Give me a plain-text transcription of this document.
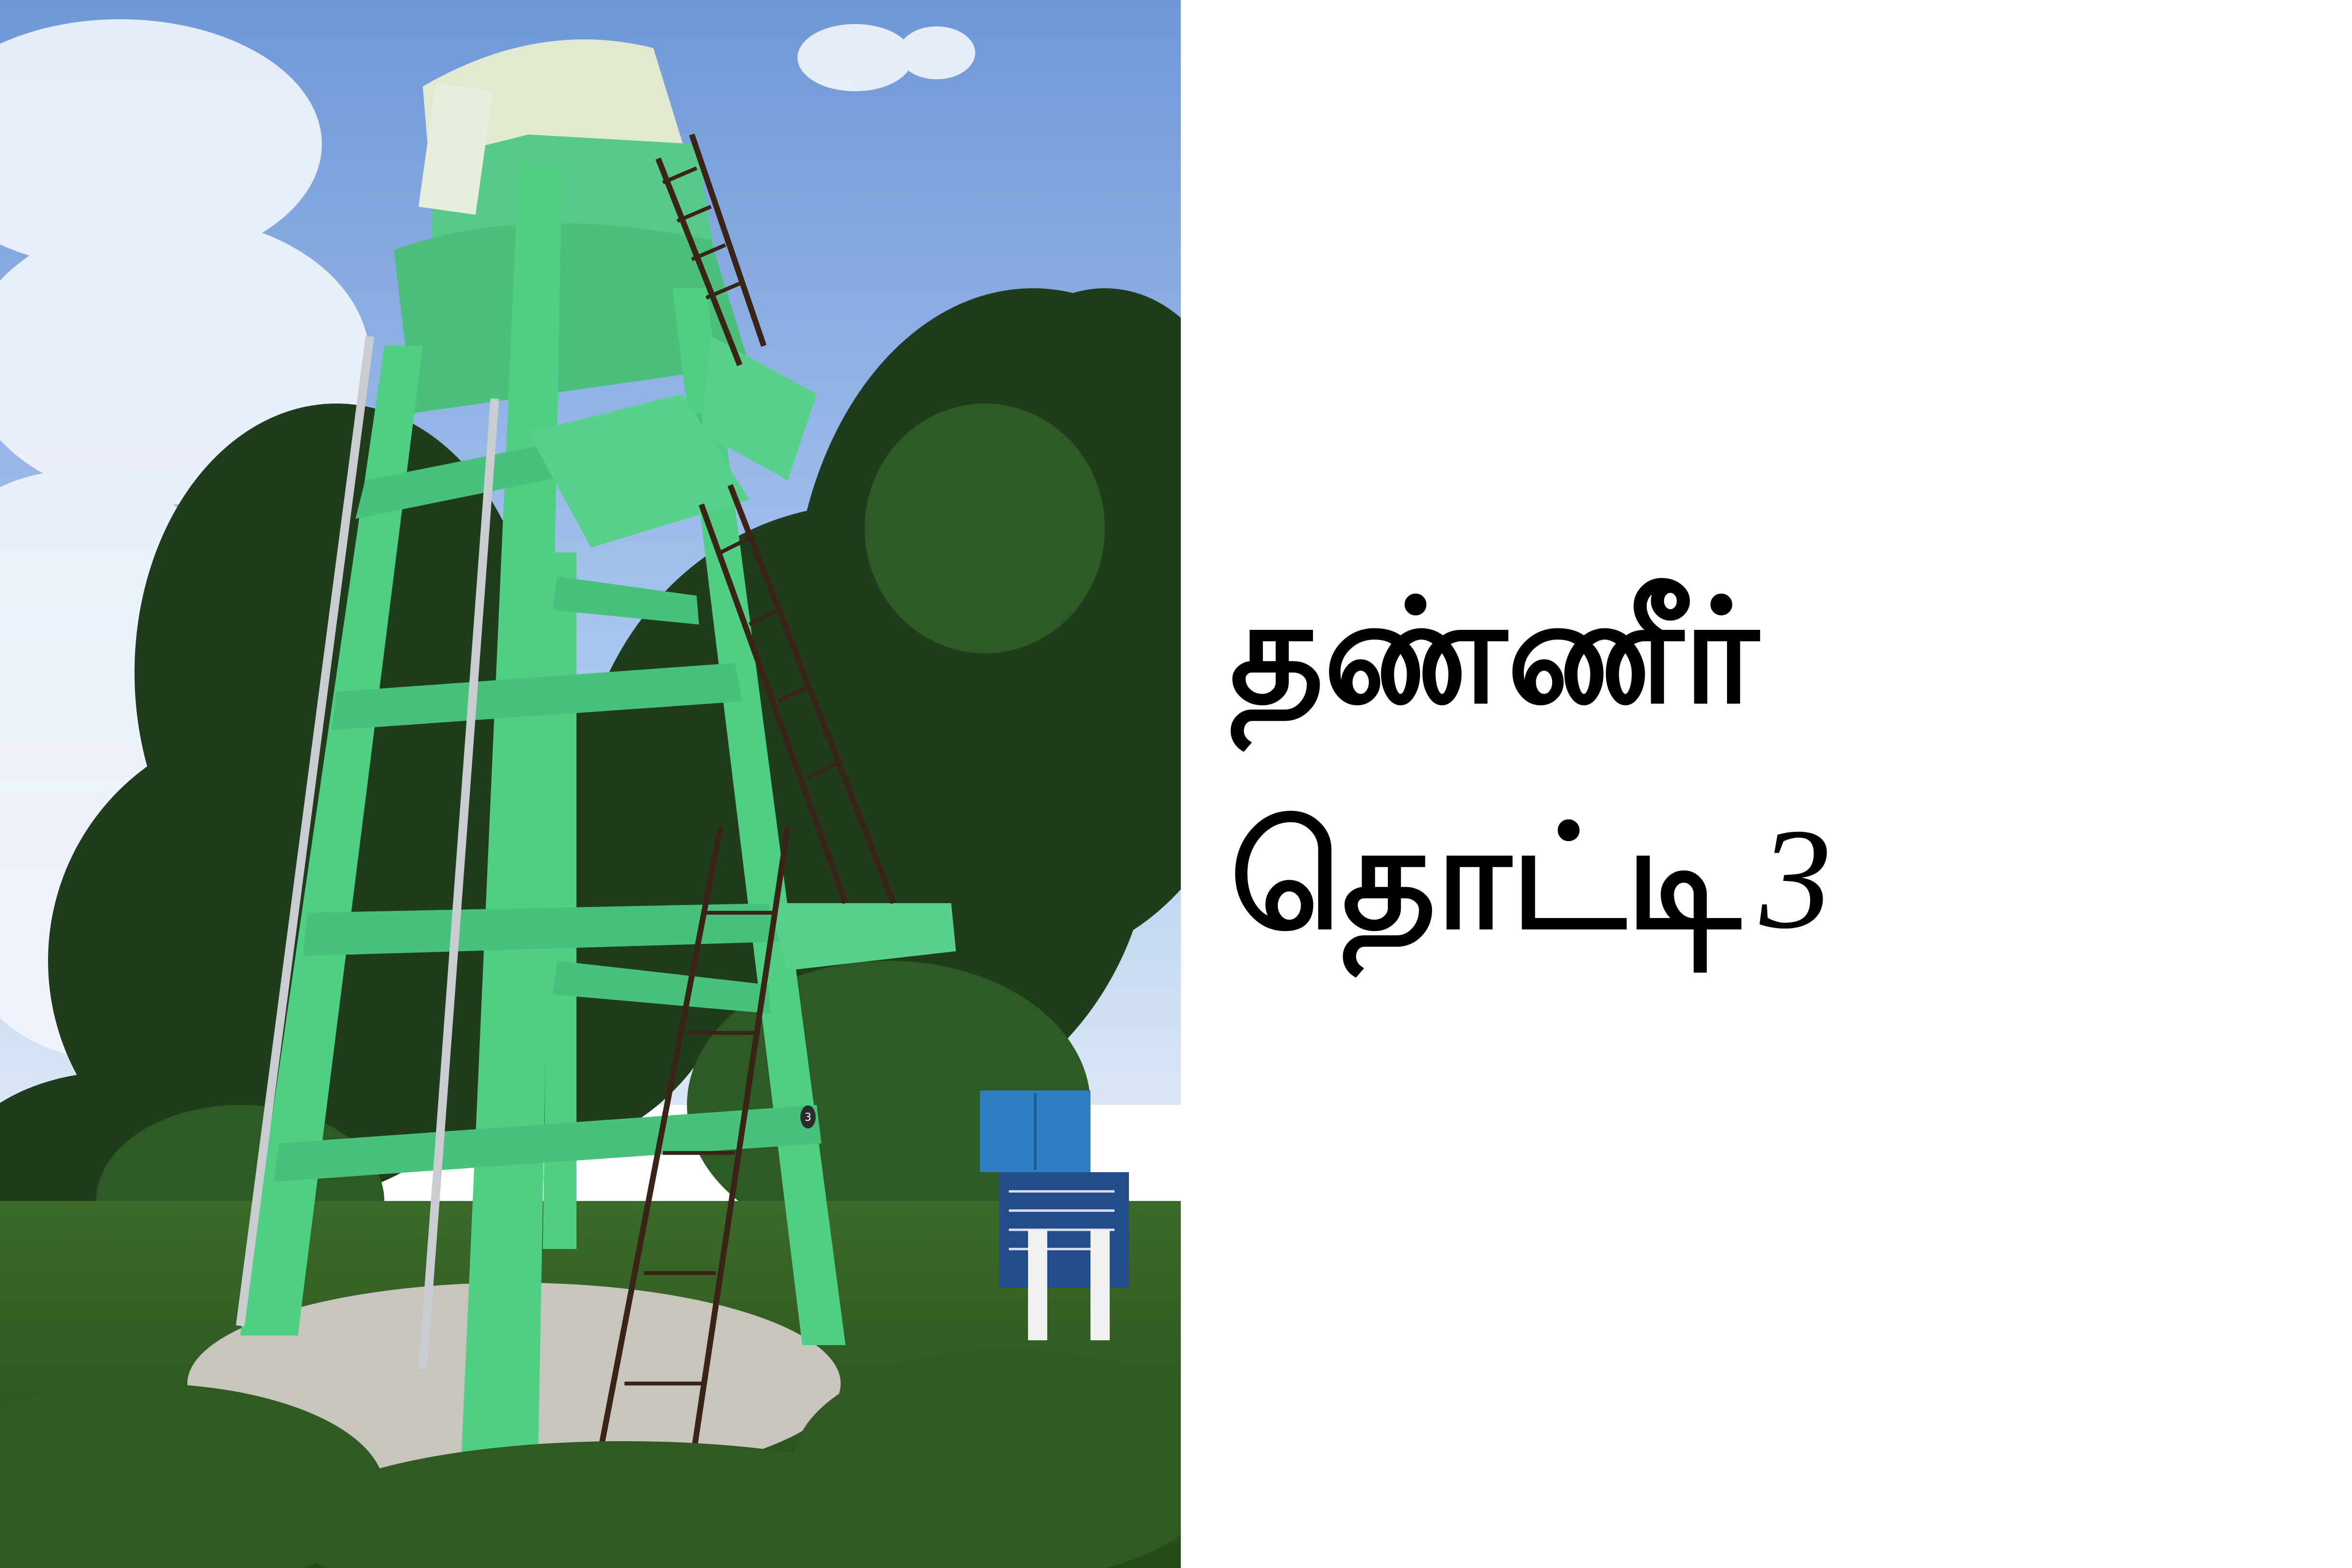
3
தண்ணீர்
தொட்டி 3
